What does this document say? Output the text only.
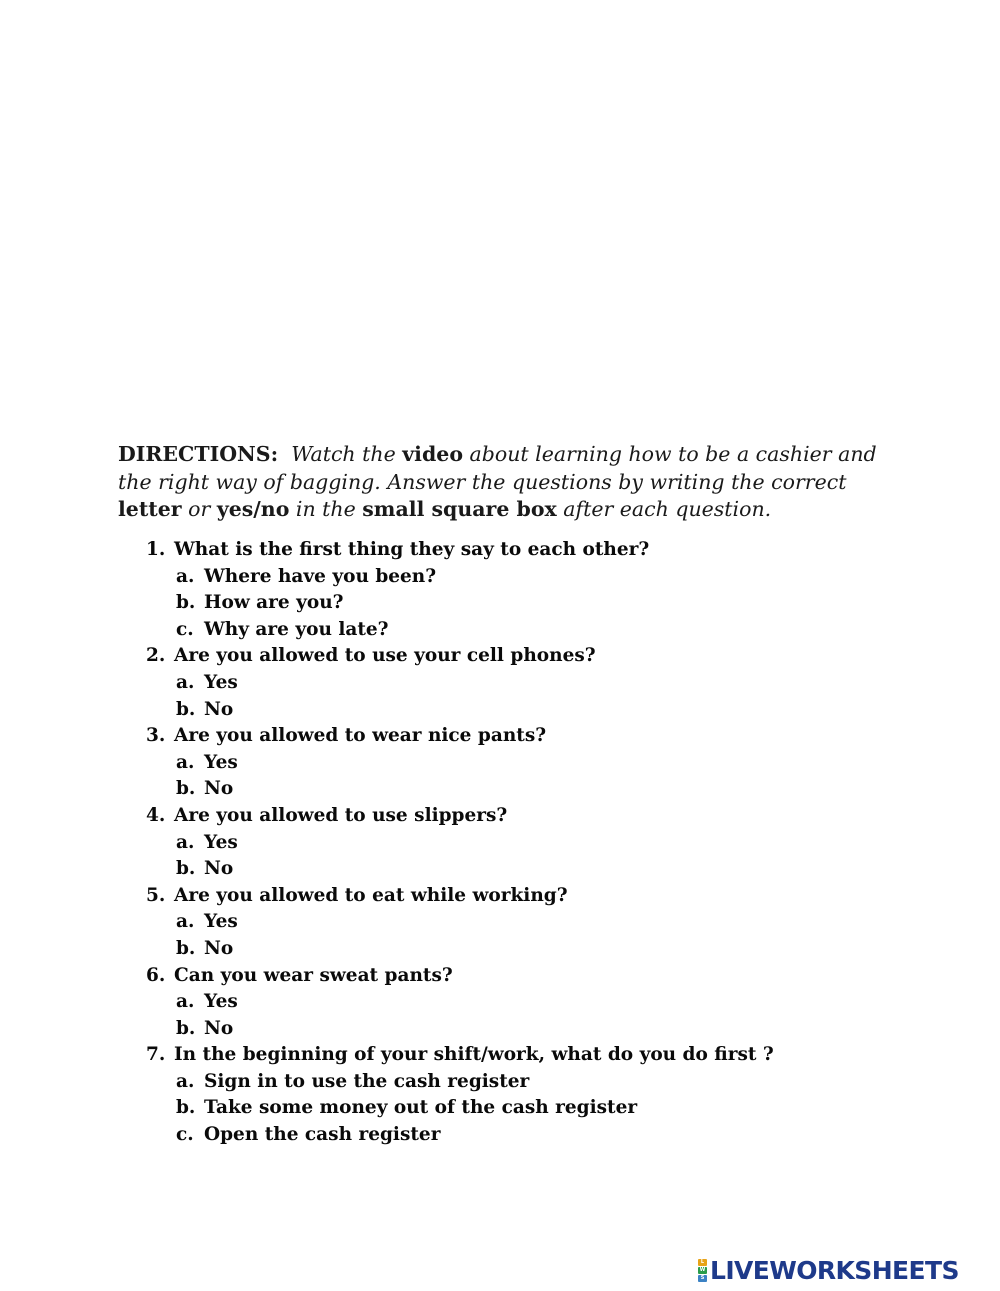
DIRECTIONS: Watch the video about learning how to be a cashier and the right way of bagging. Answer the questions by writing the correct letter or yes/no in the small square box after each question.
1. What is the first thing they say to each other?
a. Where have you been?
b. How are you?
c. Why are you late?
2. Are you allowed to use your cell phones?
a. Yes
b. No
3. Are you allowed to wear nice pants?
a. Yes
b. No
4. Are you allowed to use slippers?
a. Yes
b. No
5. Are you allowed to eat while working?
a. Yes
b. No
6. Can you wear sweat pants?
a. Yes
b. No
7. In the beginning of your shift/work, what do you do first ?
a. Sign in to use the cash register
b. Take some money out of the cash register
c. Open the cash register
L
W
S LIVEWORKSHEETS
